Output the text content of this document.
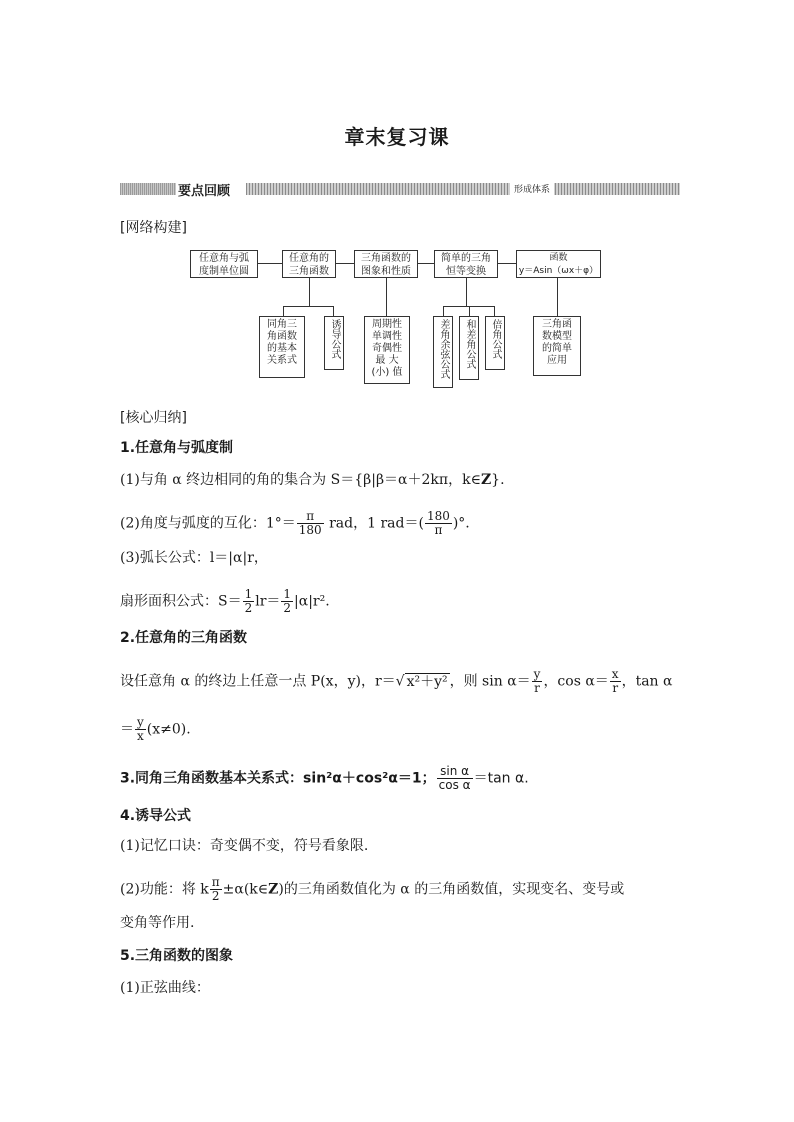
章末复习课
要点回顾	形成体系
[网络构建]
任意角与弧
度制单位圆
任意角的
三角函数
三角函数的
图象和性质
简单的三角
恒等变换
函数
y＝Asin（ωx＋φ）
同角三
角函数
的基本
关系式
诱导公式	周期性
单调性
奇偶性
最 大
(小) 值	差角余弦公式 和差角公式 倍角公式	三角函
数模型
的简单
应用
[核心归纳]
1.任意角与弧度制
(1)与角 α 终边相同的角的集合为 S＝{β|β＝α＋2kπ，k∈Z}.
(2)角度与弧度的互化：$1^\circ= \frac{\pi}{180}$ rad，1 $rad=( \frac{180}{\pi}$ )°.
(3)弧长公式：l＝|α|r，
扇形面积公式：$S= \frac{1}{2} lr= \frac{1}{2} |\alpha|r^2$.
2.任意角的三角函数
设任意角 α 的终边上任意一点 P(x，y)，r＝√ x²＋y² ，则 $\sin \alpha= \frac{y}{r}$ ，$\cos \alpha= \frac{x}{r}$ ，tan α
＝ $\frac{y}{x} (x\ne 0)$.
3.同角三角函数基本关系式：sin²α＋cos²α＝1； $\frac{\text{sin α}}{\text{cos α}} =\tan$ α.
4.诱导公式
(1)记忆口诀：奇变偶不变，符号看象限.
(2)功能：将 k $\frac{\pi}{2}$ ±α(k∈Z)的三角函数值化为 α 的三角函数值，实现变名、变号或
变角等作用.
5.三角函数的图象
(1)正弦曲线：
